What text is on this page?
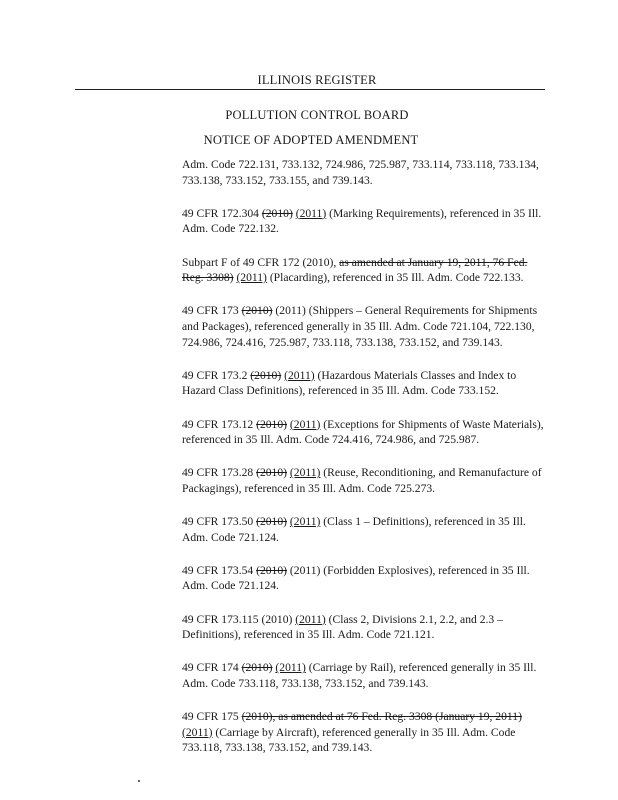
ILLINOIS REGISTER
POLLUTION CONTROL BOARD
NOTICE OF ADOPTED AMENDMENT

Adm. Code 722.131, 733.132, 724.986, 725.987, 733.114, 733.118, 733.134, 733.138, 733.152, 733.155, and 739.143.

49 CFR 172.304 (2010) (2011) (Marking Requirements), referenced in 35 Ill. Adm. Code 722.132.

Subpart F of 49 CFR 172 (2010), as amended at January 19, 2011, 76 Fed. Reg. 3308) (2011) (Placarding), referenced in 35 Ill. Adm. Code 722.133.

49 CFR 173 (2010) (2011) (Shippers – General Requirements for Shipments and Packages), referenced generally in 35 Ill. Adm. Code 721.104, 722.130, 724.986, 724.416, 725.987, 733.118, 733.138, 733.152, and 739.143.

49 CFR 173.2 (2010) (2011) (Hazardous Materials Classes and Index to Hazard Class Definitions), referenced in 35 Ill. Adm. Code 733.152.

49 CFR 173.12 (2010) (2011) (Exceptions for Shipments of Waste Materials), referenced in 35 Ill. Adm. Code 724.416, 724.986, and 725.987.

49 CFR 173.28 (2010) (2011) (Reuse, Reconditioning, and Remanufacture of Packagings), referenced in 35 Ill. Adm. Code 725.273.

49 CFR 173.50 (2010) (2011) (Class 1 – Definitions), referenced in 35 Ill. Adm. Code 721.124.

49 CFR 173.54 (2010) (2011) (Forbidden Explosives), referenced in 35 Ill. Adm. Code 721.124.

49 CFR 173.115 (2010) (2011) (Class 2, Divisions 2.1, 2.2, and 2.3 – Definitions), referenced in 35 Ill. Adm. Code 721.121.

49 CFR 174 (2010) (2011) (Carriage by Rail), referenced generally in 35 Ill. Adm. Code 733.118, 733.138, 733.152, and 739.143.

49 CFR 175 (2010), as amended at 76 Fed. Reg. 3308 (January 19, 2011) (2011) (Carriage by Aircraft), referenced generally in 35 Ill. Adm. Code 733.118, 733.138, 733.152, and 739.143.
